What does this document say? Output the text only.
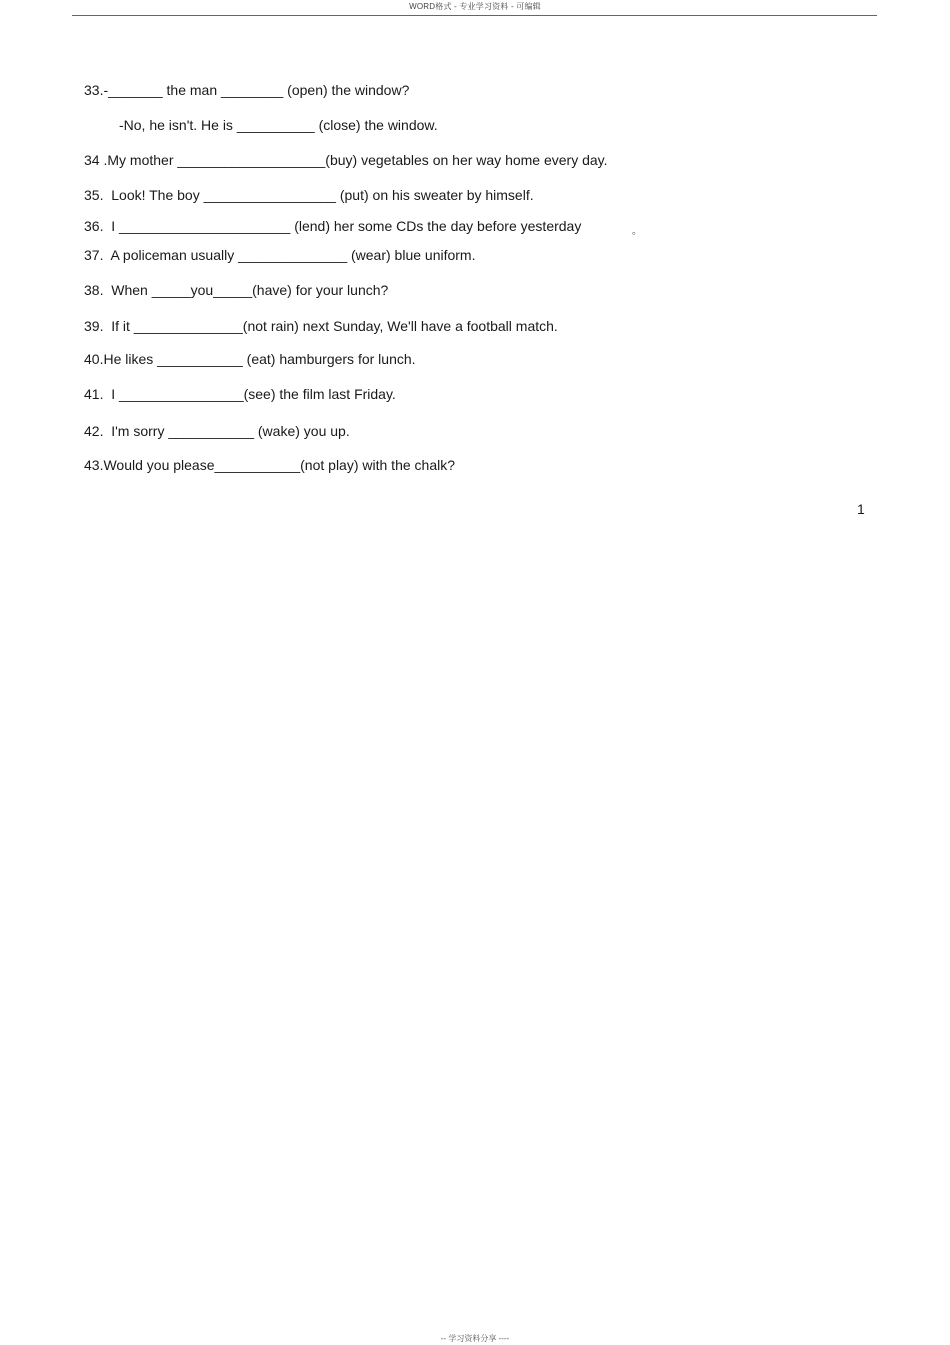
WORD格式 - 专业学习资料 - 可编辑
33.-_______ the man ________ (open) the window?
-No, he isn't. He is __________ (close) the window.
34 .My mother ___________________(buy) vegetables on her way home every day.
35.  Look! The boy _________________ (put) on his sweater by himself.
36.  I ______________________ (lend) her some CDs the day before yesterday	。
37.  A policeman usually ______________ (wear) blue uniform.
38.  When _____you_____(have) for your lunch?
39.  If it ______________(not rain) next Sunday, We'll have a football match.
40.He likes ___________ (eat) hamburgers for lunch.
41.  I ________________(see) the film last Friday.
42.  I'm sorry ___________ (wake) you up.
43.Would you please___________(not play) with the chalk?
1
-- 学习资料分享 ----
